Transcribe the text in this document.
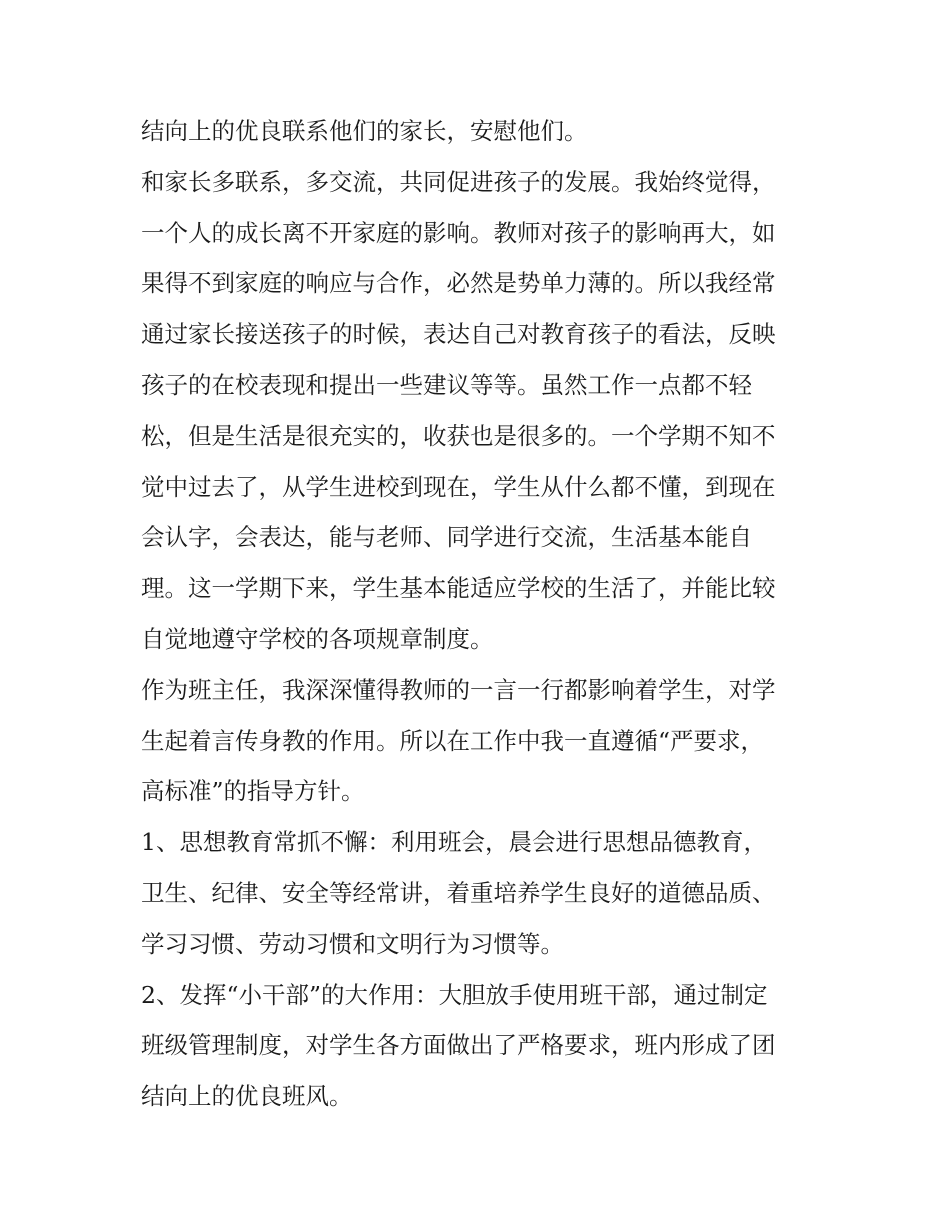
结向上的优良联系他们的家长，安慰他们。
和家长多联系，多交流，共同促进孩子的发展。我始终觉得，
一个人的成长离不开家庭的影响。教师对孩子的影响再大，如
果得不到家庭的响应与合作，必然是势单力薄的。所以我经常
通过家长接送孩子的时候，表达自己对教育孩子的看法，反映
孩子的在校表现和提出一些建议等等。虽然工作一点都不轻
松，但是生活是很充实的，收获也是很多的。一个学期不知不
觉中过去了，从学生进校到现在，学生从什么都不懂，到现在
会认字，会表达，能与老师、同学进行交流，生活基本能自
理。这一学期下来，学生基本能适应学校的生活了，并能比较
自觉地遵守学校的各项规章制度。
作为班主任，我深深懂得教师的一言一行都影响着学生，对学
生起着言传身教的作用。所以在工作中我一直遵循“严要求，
高标准”的指导方针。
1、思想教育常抓不懈：利用班会，晨会进行思想品德教育，
卫生、纪律、安全等经常讲，着重培养学生良好的道德品质、
学习习惯、劳动习惯和文明行为习惯等。
2、发挥“小干部”的大作用：大胆放手使用班干部，通过制定
班级管理制度，对学生各方面做出了严格要求，班内形成了团
结向上的优良班风。
